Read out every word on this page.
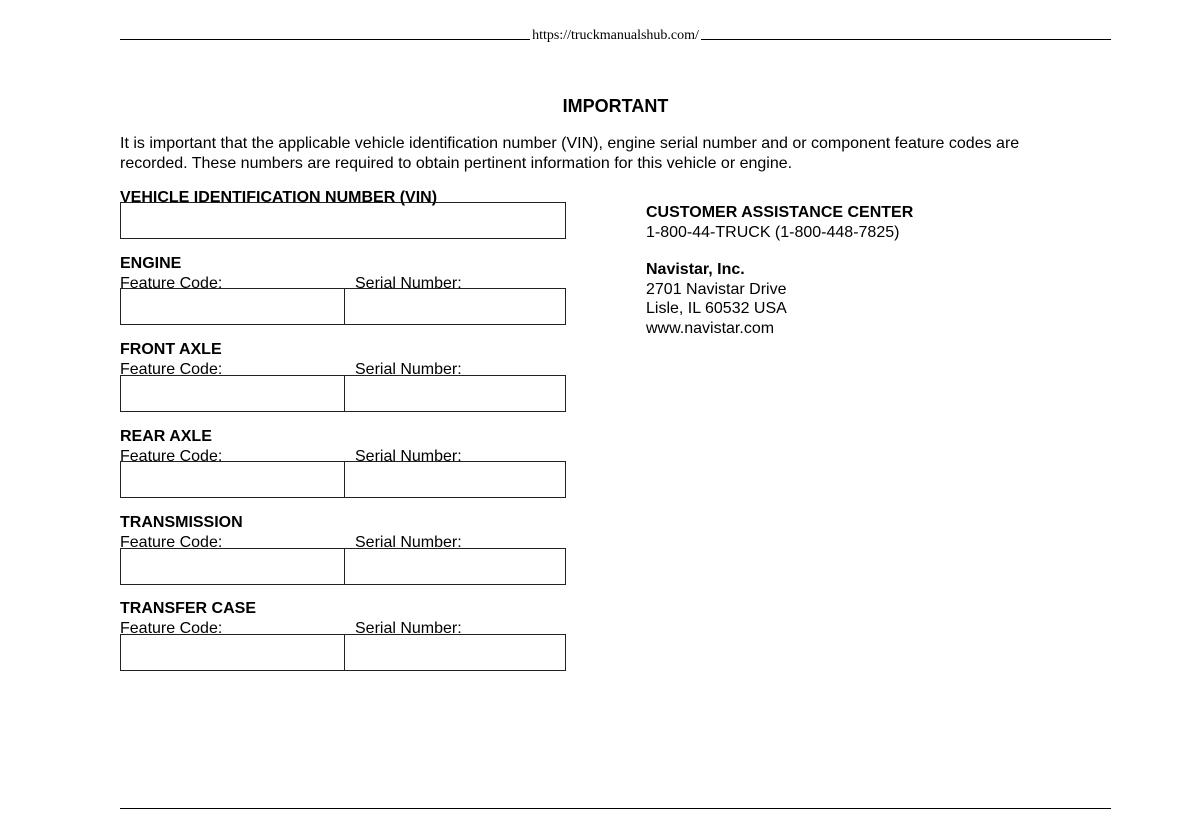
https://truckmanualshub.com/
IMPORTANT

It is important that the applicable vehicle identification number (VIN), engine serial number and or component feature codes are recorded. These numbers are required to obtain pertinent information for this vehicle or engine.

VEHICLE IDENTIFICATION NUMBER (VIN)
ENGINE
Feature Code:	Serial Number:
FRONT AXLE
Feature Code:	Serial Number:
REAR AXLE
Feature Code:	Serial Number:
TRANSMISSION
Feature Code:	Serial Number:
TRANSFER CASE
Feature Code:	Serial Number:
CUSTOMER ASSISTANCE CENTER
1-800-44-TRUCK (1-800-448-7825)
Navistar, Inc.
2701 Navistar Drive
Lisle, IL 60532 USA
www.navistar.com
